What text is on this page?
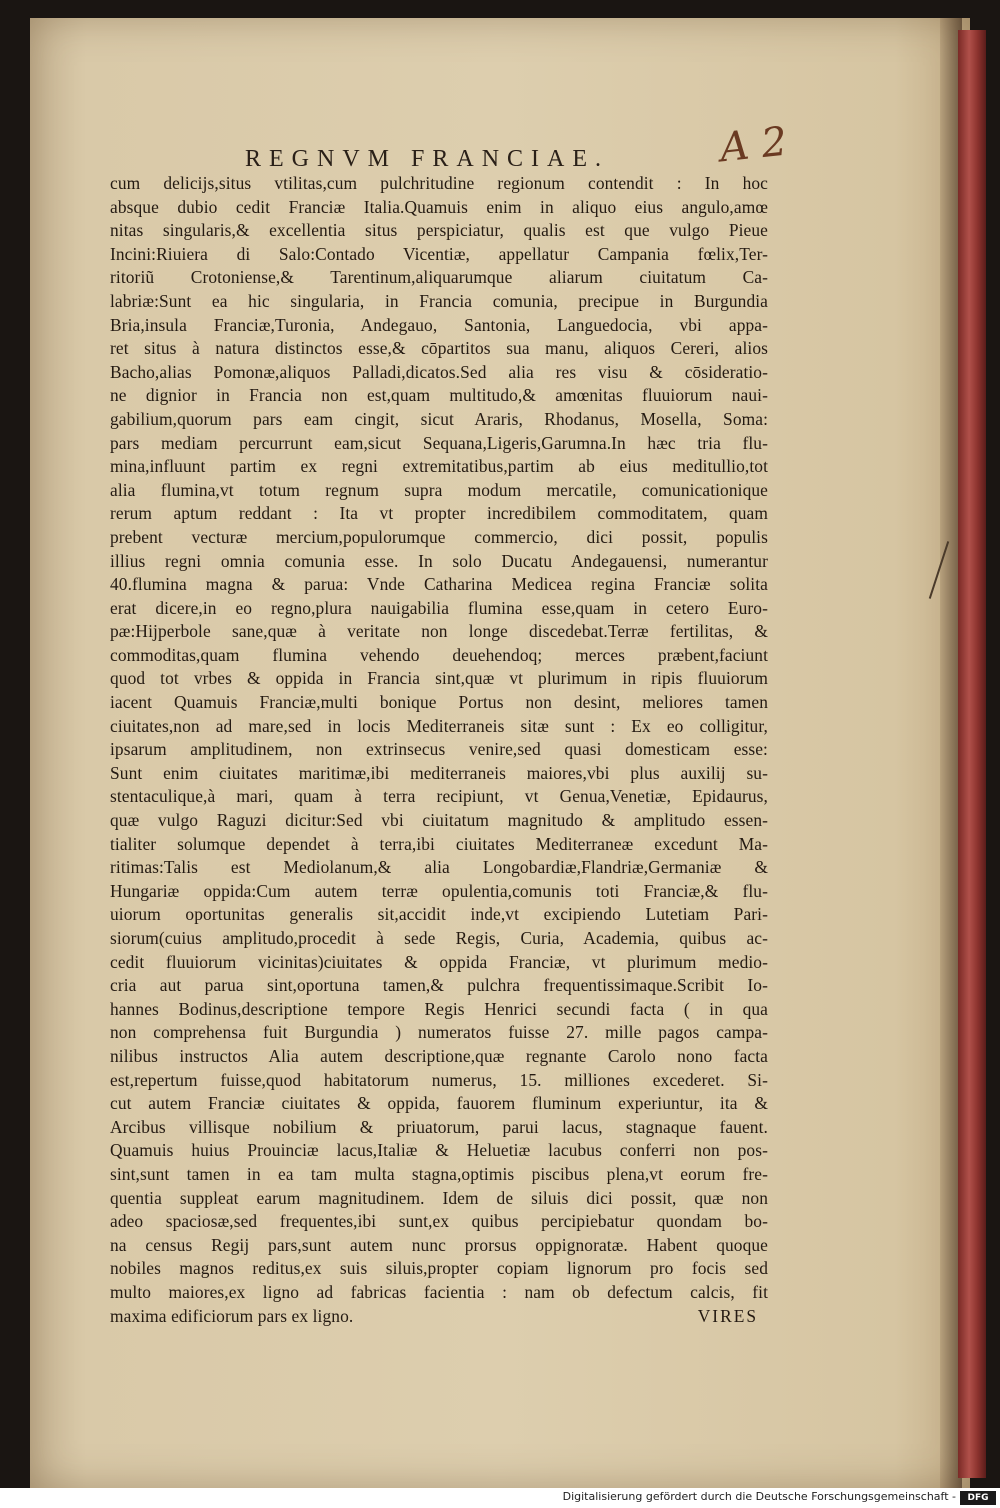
REGNVM FRANCIAE.	A 2
cum delicijs,situs vtilitas,cum pulchritudine regionum contendit : In hoc
absque dubio cedit Franciæ Italia.Quamuis enim in aliquo eius angulo,amœ
nitas singularis,& excellentia situs perspiciatur, qualis est que vulgo Pieue
Incini:Riuiera di Salo:Contado Vicentiæ, appellatur Campania fœlix,Ter-
ritoriũ Crotoniense,& Tarentinum,aliquarumque aliarum ciuitatum Ca-
labriæ:Sunt ea hic singularia, in Francia comunia, precipue in Burgundia
Bria,insula Franciæ,Turonia, Andegauo, Santonia, Languedocia, vbi appa-
ret situs à natura distinctos esse,& cōpartitos sua manu, aliquos Cereri, alios
Bacho,alias Pomonæ,aliquos Palladi,dicatos.Sed alia res visu & cōsideratio-
ne dignior in Francia non est,quam multitudo,& amœnitas fluuiorum naui-
gabilium,quorum pars eam cingit, sicut Araris, Rhodanus, Mosella, Soma:
pars mediam percurrunt eam,sicut Sequana,Ligeris,Garumna.In hæc tria flu-
mina,influunt partim ex regni extremitatibus,partim ab eius meditullio,tot
alia flumina,vt totum regnum supra modum mercatile, comunicationique
rerum aptum reddant : Ita vt propter incredibilem commoditatem, quam
prebent vecturæ mercium,populorumque commercio, dici possit, populis
illius regni omnia comunia esse. In solo Ducatu Andegauensi, numerantur
40.flumina magna & parua: Vnde Catharina Medicea regina Franciæ solita
erat dicere,in eo regno,plura nauigabilia flumina esse,quam in cetero Euro-
pæ:Hijperbole sane,quæ à veritate non longe discedebat.Terræ fertilitas, &
commoditas,quam flumina vehendo deuehendoq; merces præbent,faciunt
quod tot vrbes & oppida in Francia sint,quæ vt plurimum in ripis fluuiorum
iacent Quamuis Franciæ,multi bonique Portus non desint, meliores tamen
ciuitates,non ad mare,sed in locis Mediterraneis sitæ sunt : Ex eo colligitur,
ipsarum amplitudinem, non extrinsecus venire,sed quasi domesticam esse:
Sunt enim ciuitates maritimæ,ibi mediterraneis maiores,vbi plus auxilij su-
stentaculique,à mari, quam à terra recipiunt, vt Genua,Venetiæ, Epidaurus,
quæ vulgo Raguzi dicitur:Sed vbi ciuitatum magnitudo & amplitudo essen-
tialiter solumque dependet à terra,ibi ciuitates Mediterraneæ excedunt Ma-
ritimas:Talis est Mediolanum,& alia Longobardiæ,Flandriæ,Germaniæ &
Hungariæ oppida:Cum autem terræ opulentia,comunis toti Franciæ,& flu-
uiorum oportunitas generalis sit,accidit inde,vt excipiendo Lutetiam Pari-
siorum(cuius amplitudo,procedit à sede Regis, Curia, Academia, quibus ac-
cedit fluuiorum vicinitas)ciuitates & oppida Franciæ, vt plurimum medio-
cria aut parua sint,oportuna tamen,& pulchra frequentissimaque.Scribit Io-
hannes Bodinus,descriptione tempore Regis Henrici secundi facta ( in qua
non comprehensa fuit Burgundia ) numeratos fuisse 27. mille pagos campa-
nilibus instructos Alia autem descriptione,quæ regnante Carolo nono facta
est,repertum fuisse,quod habitatorum numerus, 15. milliones excederet. Si-
cut autem Franciæ ciuitates & oppida, fauorem fluminum experiuntur, ita &
Arcibus villisque nobilium & priuatorum, parui lacus, stagnaque fauent.
Quamuis huius Prouinciæ lacus,Italiæ & Heluetiæ lacubus conferri non pos-
sint,sunt tamen in ea tam multa stagna,optimis piscibus plena,vt eorum fre-
quentia suppleat earum magnitudinem. Idem de siluis dici possit, quæ non
adeo spaciosæ,sed frequentes,ibi sunt,ex quibus percipiebatur quondam bo-
na census Regij pars,sunt autem nunc prorsus oppignoratæ. Habent quoque
nobiles magnos reditus,ex suis siluis,propter copiam lignorum pro focis sed
multo maiores,ex ligno ad fabricas facientia : nam ob defectum calcis, fit
maxima edificiorum pars ex ligno.	VIRES
Digitalisierung gefördert durch die Deutsche Forschungsgemeinschaft -	DFG
